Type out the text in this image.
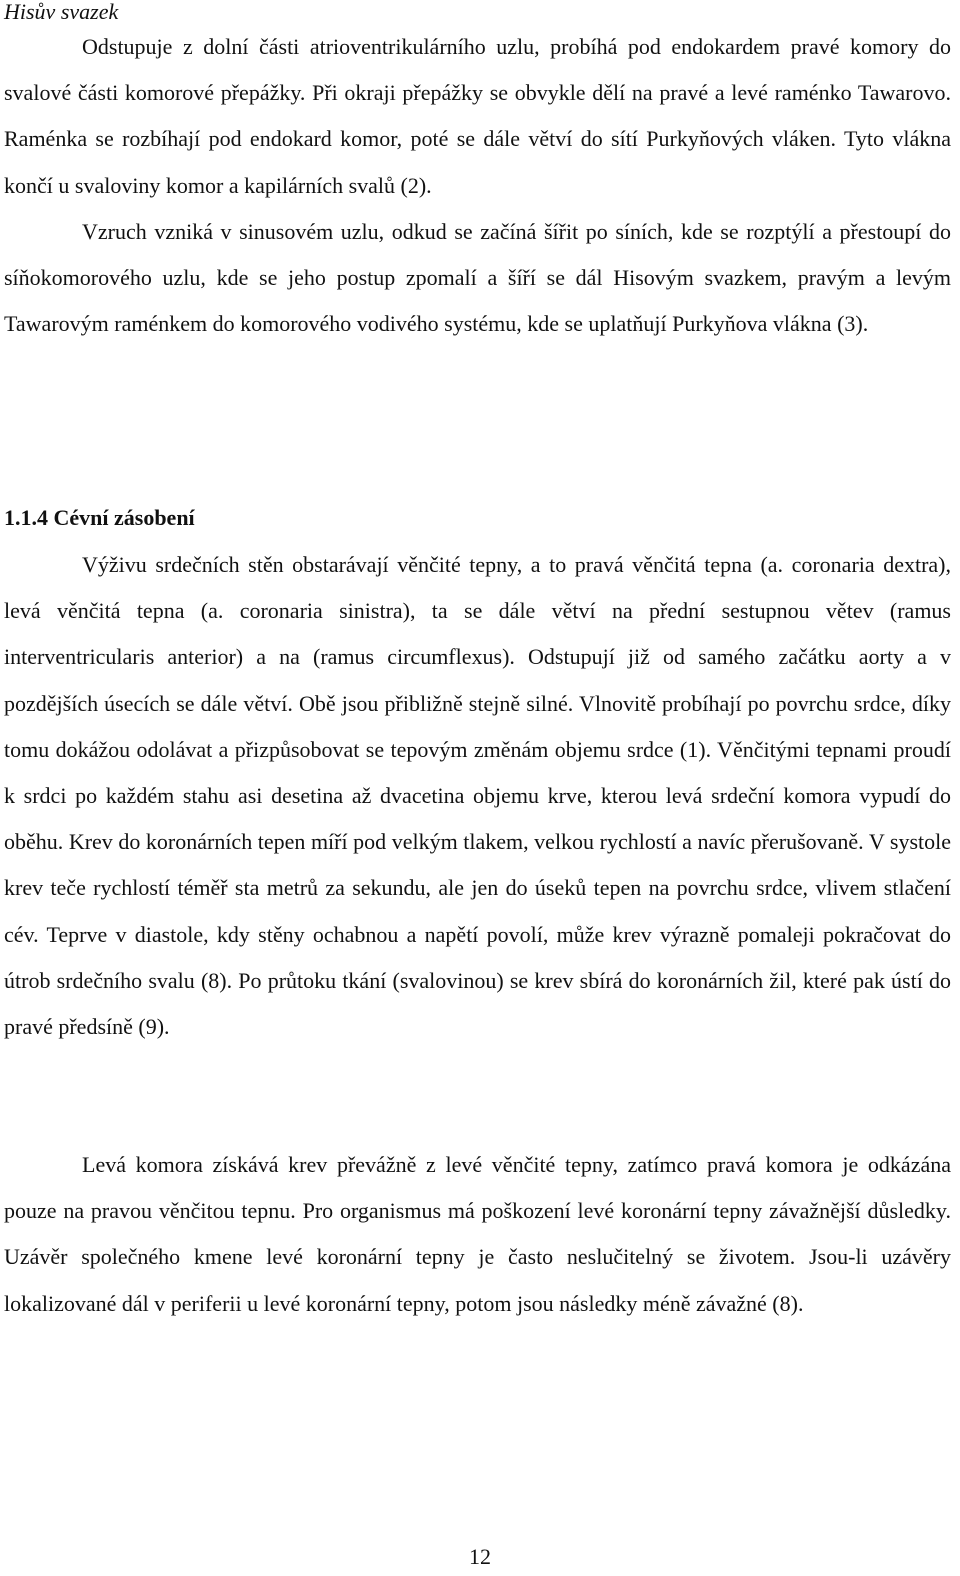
Hisův svazek

Odstupuje z dolní části atrioventrikulárního uzlu, probíhá pod endokardem pravé komory do svalové části komorové přepážky. Při okraji přepážky se obvykle dělí na pravé a levé raménko Tawarovo. Raménka se rozbíhají pod endokard komor, poté se dále větví do sítí Purkyňových vláken. Tyto vlákna končí u svaloviny komor a kapilárních svalů (2).

Vzruch vzniká v sinusovém uzlu, odkud se začíná šířit po síních, kde se rozptýlí a přestoupí do síňokomorového uzlu, kde se jeho postup zpomalí a šíří se dál Hisovým svazkem, pravým a levým Tawarovým raménkem do komorového vodivého systému, kde se uplatňují Purkyňova vlákna (3).

1.1.4 Cévní zásobení

Výživu srdečních stěn obstarávají věnčité tepny, a to pravá věnčitá tepna (a. coronaria dextra), levá věnčitá tepna (a. coronaria sinistra), ta se dále větví na přední sestupnou větev (ramus interventricularis anterior) a na (ramus circumflexus). Odstupují již od samého začátku aorty a v pozdějších úsecích se dále větví. Obě jsou přibližně stejně silné. Vlnovitě probíhají po povrchu srdce, díky tomu dokážou odolávat a přizpůsobovat se tepovým změnám objemu srdce (1). Věnčitými tepnami proudí k srdci po každém stahu asi desetina až dvacetina objemu krve, kterou levá srdeční komora vypudí do oběhu. Krev do koronárních tepen míří pod velkým tlakem, velkou rychlostí a navíc přerušovaně. V systole krev teče rychlostí téměř sta metrů za sekundu, ale jen do úseků tepen na povrchu srdce, vlivem stlačení cév. Teprve v diastole, kdy stěny ochabnou a napětí povolí, může krev výrazně pomaleji pokračovat do útrob srdečního svalu (8). Po průtoku tkání (svalovinou) se krev sbírá do koronárních žil, které pak ústí do pravé předsíně (9).

Levá komora získává krev převážně z levé věnčité tepny, zatímco pravá komora je odkázána pouze na pravou věnčitou tepnu. Pro organismus má poškození levé koronární tepny závažnější důsledky. Uzávěr společného kmene levé koronární tepny je často neslučitelný se životem. Jsou-li uzávěry lokalizované dál v periferii u levé koronární tepny, potom jsou následky méně závažné (8).

12
